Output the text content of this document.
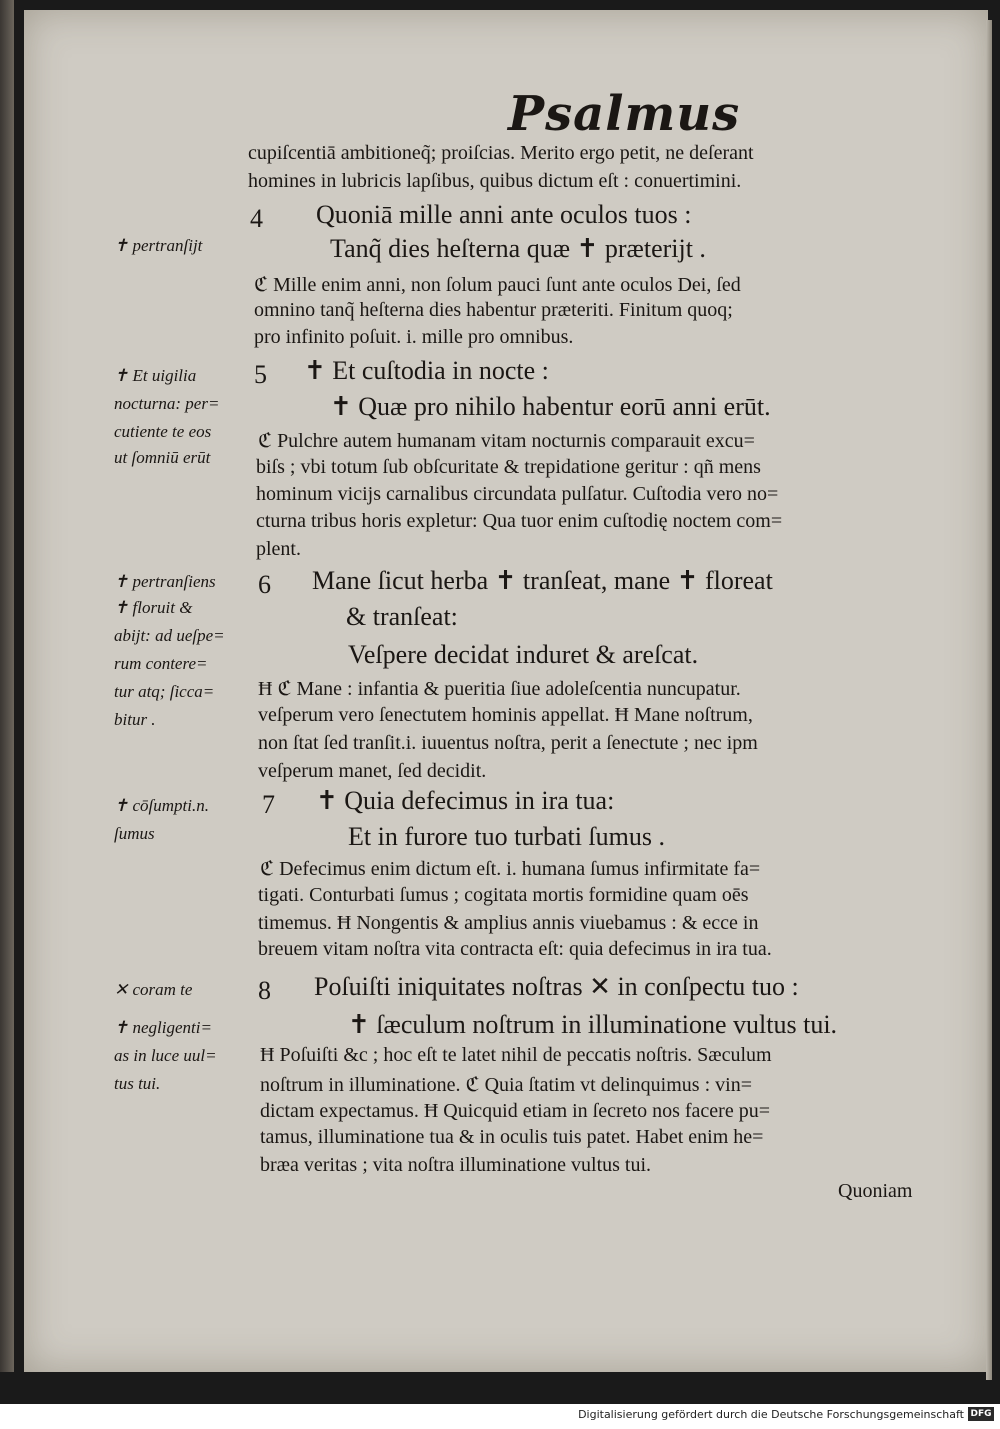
Psalmus
cupiſcentiā ambitioneq̃; proiſcias. Merito ergo petit, ne deſerant
homines in lubricis lapſibus, quibus dictum eſt : conuertimini.
Quoniā mille anni ante oculos tuos :
Tanq̃ dies heſterna quæ ✝ præterijt .
ℭ Mille enim anni, non ſolum pauci ſunt ante oculos Dei, ſed
omnino tanq̃ heſterna dies habentur præteriti. Finitum quoq;
pro infinito poſuit. i. mille pro omnibus.
✝ Et cuſtodia in nocte :
✝ Quæ pro nihilo habentur eorū anni erūt.
ℭ Pulchre autem humanam vitam nocturnis comparauit excu=
biſs ; vbi totum ſub obſcuritate & trepidatione geritur : qñ mens
hominum vicijs carnalibus circundata pulſatur. Cuſtodia vero no=
cturna tribus horis expletur: Qua tuor enim cuſtodię noctem com=
plent.
Mane ſicut herba ✝ tranſeat, mane ✝ floreat
& tranſeat:
Veſpere decidat induret & areſcat.
Ħ ℭ Mane : infantia & pueritia ſiue adoleſcentia nuncupatur.
veſperum vero ſenectutem hominis appellat. Ħ Mane noſtrum,
non ſtat ſed tranſit.i. iuuentus noſtra, perit a ſenectute ; nec ipm
veſperum manet, ſed decidit.
✝ Quia defecimus in ira tua:
Et in furore tuo turbati ſumus .
ℭ Defecimus enim dictum eſt. i. humana ſumus infirmitate fa=
tigati. Conturbati ſumus ; cogitata mortis formidine quam oēs
timemus. Ħ Nongentis & amplius annis viuebamus : & ecce in
breuem vitam noſtra vita contracta eſt: quia defecimus in ira tua.
Poſuiſti iniquitates noſtras ✕ in conſpectu tuo :
✝ ſæculum noſtrum in illuminatione vultus tui.
Ħ Poſuiſti &c ; hoc eſt te latet nihil de peccatis noſtris. Sæculum
noſtrum in illuminatione. ℭ Quia ſtatim vt delinquimus : vin=
dictam expectamus. Ħ Quicquid etiam in ſecreto nos facere pu=
tamus, illuminatione tua & in oculis tuis patet. Habet enim he=
bræa veritas ; vita noſtra illuminatione vultus tui.
4
5
6
7
8
✝ pertranſijt
✝ Et uigilia
nocturna: per=
cutiente te eos
ut ſomniū erūt
✝ pertranſiens
✝ floruit &
abijt: ad ueſpe=
rum contere=
tur atq; ſicca=
bitur .
✝ cōſumpti.n.
ſumus
✕ coram te
✝ negligenti=
as in luce uul=
tus tui.
Quoniam
Digitalisierung gefördert durch die Deutsche Forschungsgemeinschaft DFG
